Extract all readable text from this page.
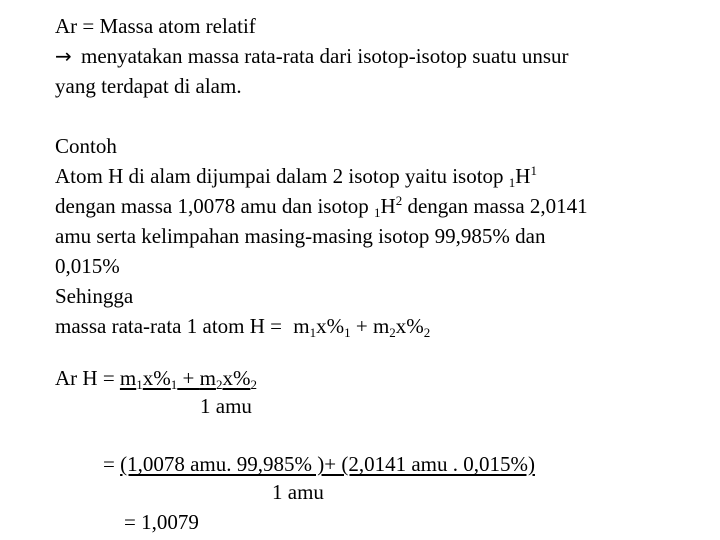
Ar = Massa atom relatif
→ menyatakan massa rata-rata dari isotop-isotop suatu unsur
yang terdapat di alam.
Contoh
Atom H di alam dijumpai dalam 2 isotop yaitu isotop $_1H^1$
dengan massa 1,0078 amu dan isotop $_1H^2$ dengan massa 2,0141
amu serta kelimpahan masing-masing isotop 99,985% dan
0,015%
Sehingga
massa rata-rata 1 atom $H = m_1x\%_1 + m_2x\%_2$
Ar $H = m_1x\%_1 + m_2x\%_2$
1 amu
= (1,0078 amu. 99,985% )+ (2,0141 amu . 0,015%)
1 amu
= 1,0079
